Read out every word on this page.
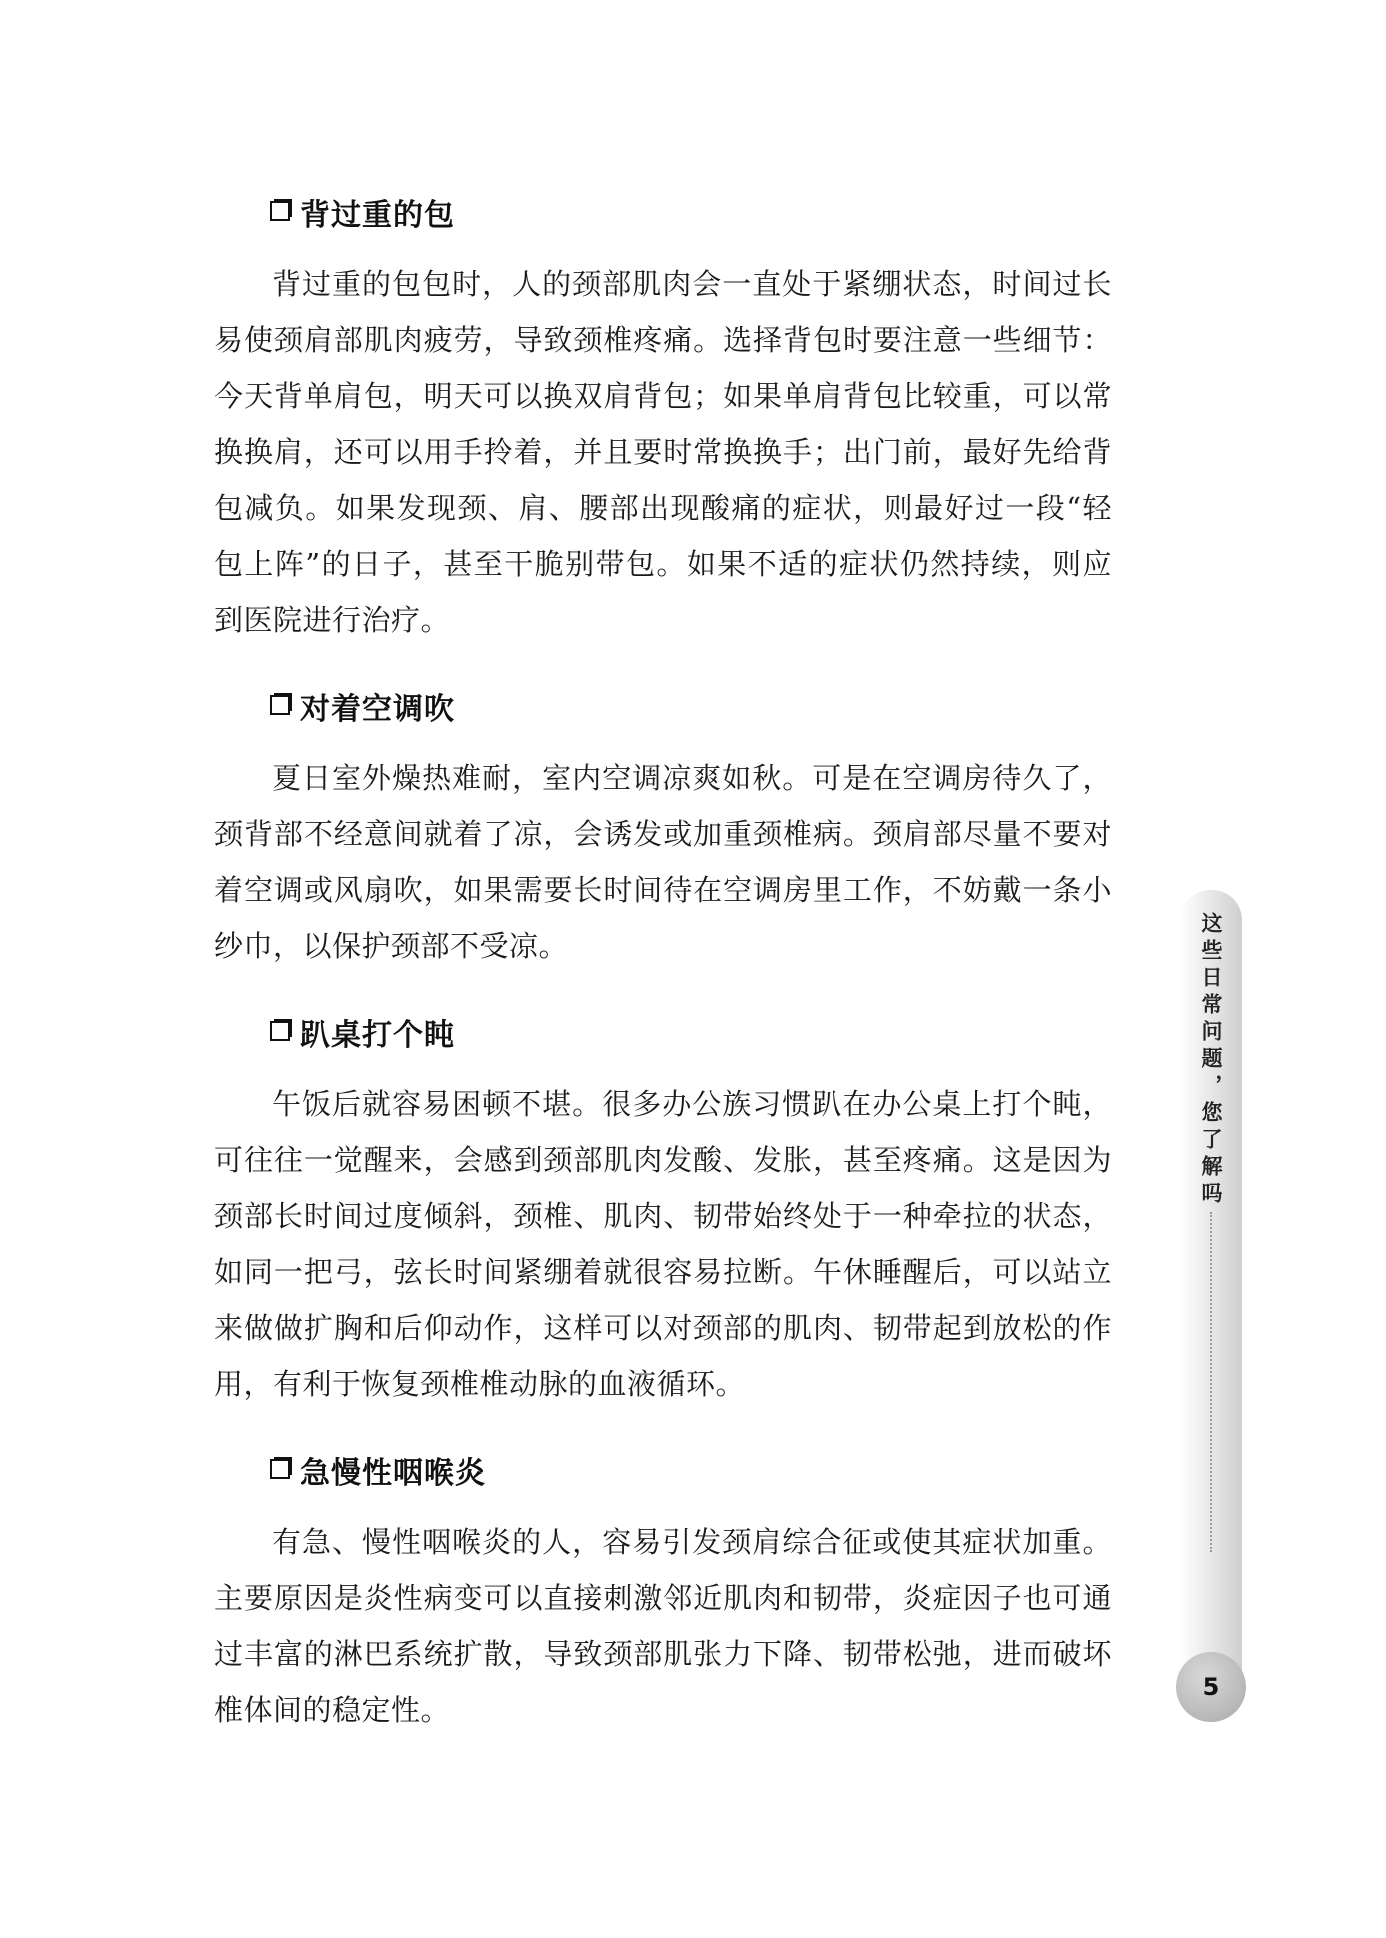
背过重的包

背过重的包包时，人的颈部肌肉会一直处于紧绷状态，时间过长易使颈肩部肌肉疲劳，导致颈椎疼痛。选择背包时要注意一些细节：今天背单肩包，明天可以换双肩背包；如果单肩背包比较重，可以常换换肩，还可以用手拎着，并且要时常换换手；出门前，最好先给背包减负。如果发现颈、肩、腰部出现酸痛的症状，则最好过一段“轻包上阵”的日子，甚至干脆别带包。如果不适的症状仍然持续，则应到医院进行治疗。

对着空调吹

夏日室外燥热难耐，室内空调凉爽如秋。可是在空调房待久了，颈背部不经意间就着了凉，会诱发或加重颈椎病。颈肩部尽量不要对着空调或风扇吹，如果需要长时间待在空调房里工作，不妨戴一条小纱巾，以保护颈部不受凉。

趴桌打个盹

午饭后就容易困顿不堪。很多办公族习惯趴在办公桌上打个盹，可往往一觉醒来，会感到颈部肌肉发酸、发胀，甚至疼痛。这是因为颈部长时间过度倾斜，颈椎、肌肉、韧带始终处于一种牵拉的状态，如同一把弓，弦长时间紧绷着就很容易拉断。午休睡醒后，可以站立来做做扩胸和后仰动作，这样可以对颈部的肌肉、韧带起到放松的作用，有利于恢复颈椎椎动脉的血液循环。

急慢性咽喉炎

有急、慢性咽喉炎的人，容易引发颈肩综合征或使其症状加重。主要原因是炎性病变可以直接刺激邻近肌肉和韧带，炎症因子也可通过丰富的淋巴系统扩散，导致颈部肌张力下降、韧带松弛，进而破坏椎体间的稳定性。

这些日常问题，您了解吗
5
